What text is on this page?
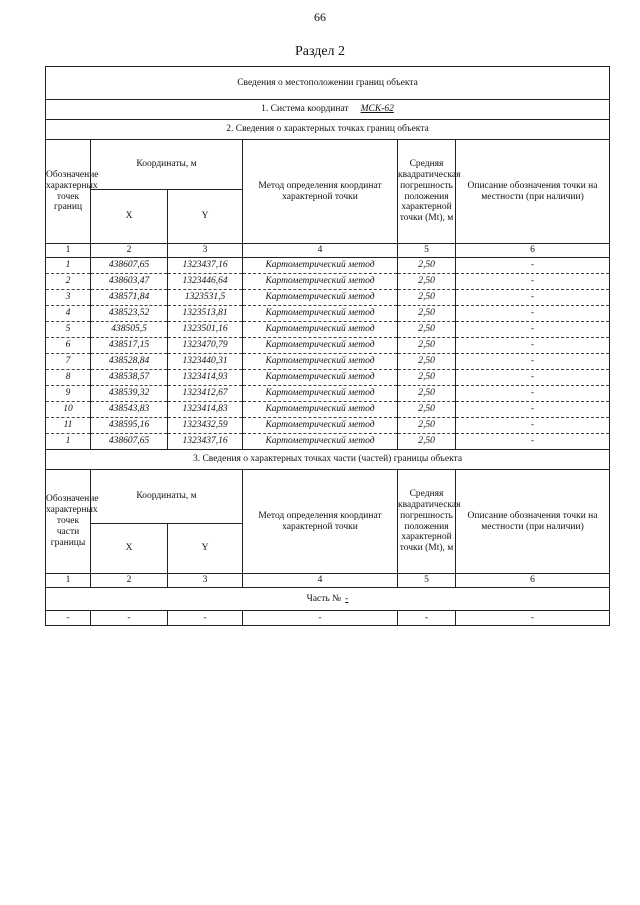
66
Раздел 2
Сведения о местоположении границ объекта					
1. Система координат МСК-62					
2. Сведения о характерных точках границ объекта					
Обозначение характерных точек границ	Координаты, м		Метод определения координат характерной точки	Средняя квадратическая погрешность положения характерной точки (Mt), м	Описание обозначения точки на местности (при наличии)
	X	Y			
1	2	3	4	5	6
1	438607,65	1323437,16	Картометрический метод	2,50	-
2	438603,47	1323446,64	Картометрический метод	2,50	-
3	438571,84	1323531,5	Картометрический метод	2,50	-
4	438523,52	1323513,81	Картометрический метод	2,50	-
5	438505,5	1323501,16	Картометрический метод	2,50	-
6	438517,15	1323470,79	Картометрический метод	2,50	-
7	438528,84	1323440,31	Картометрический метод	2,50	-
8	438538,57	1323414,93	Картометрический метод	2,50	-
9	438539,32	1323412,67	Картометрический метод	2,50	-
10	438543,83	1323414,83	Картометрический метод	2,50	-
11	438595,16	1323432,59	Картометрический метод	2,50	-
1	438607,65	1323437,16	Картометрический метод	2,50	-
3. Сведения о характерных точках части (частей) границы объекта					
Обозначение характерных точек части границы	Координаты, м		Метод определения координат характерной точки	Средняя квадратическая погрешность положения характерной точки (Mt), м	Описание обозначения точки на местности (при наличии)
	X	Y			
1	2	3	4	5	6
Часть № -					
-	-	-	-	-	-
